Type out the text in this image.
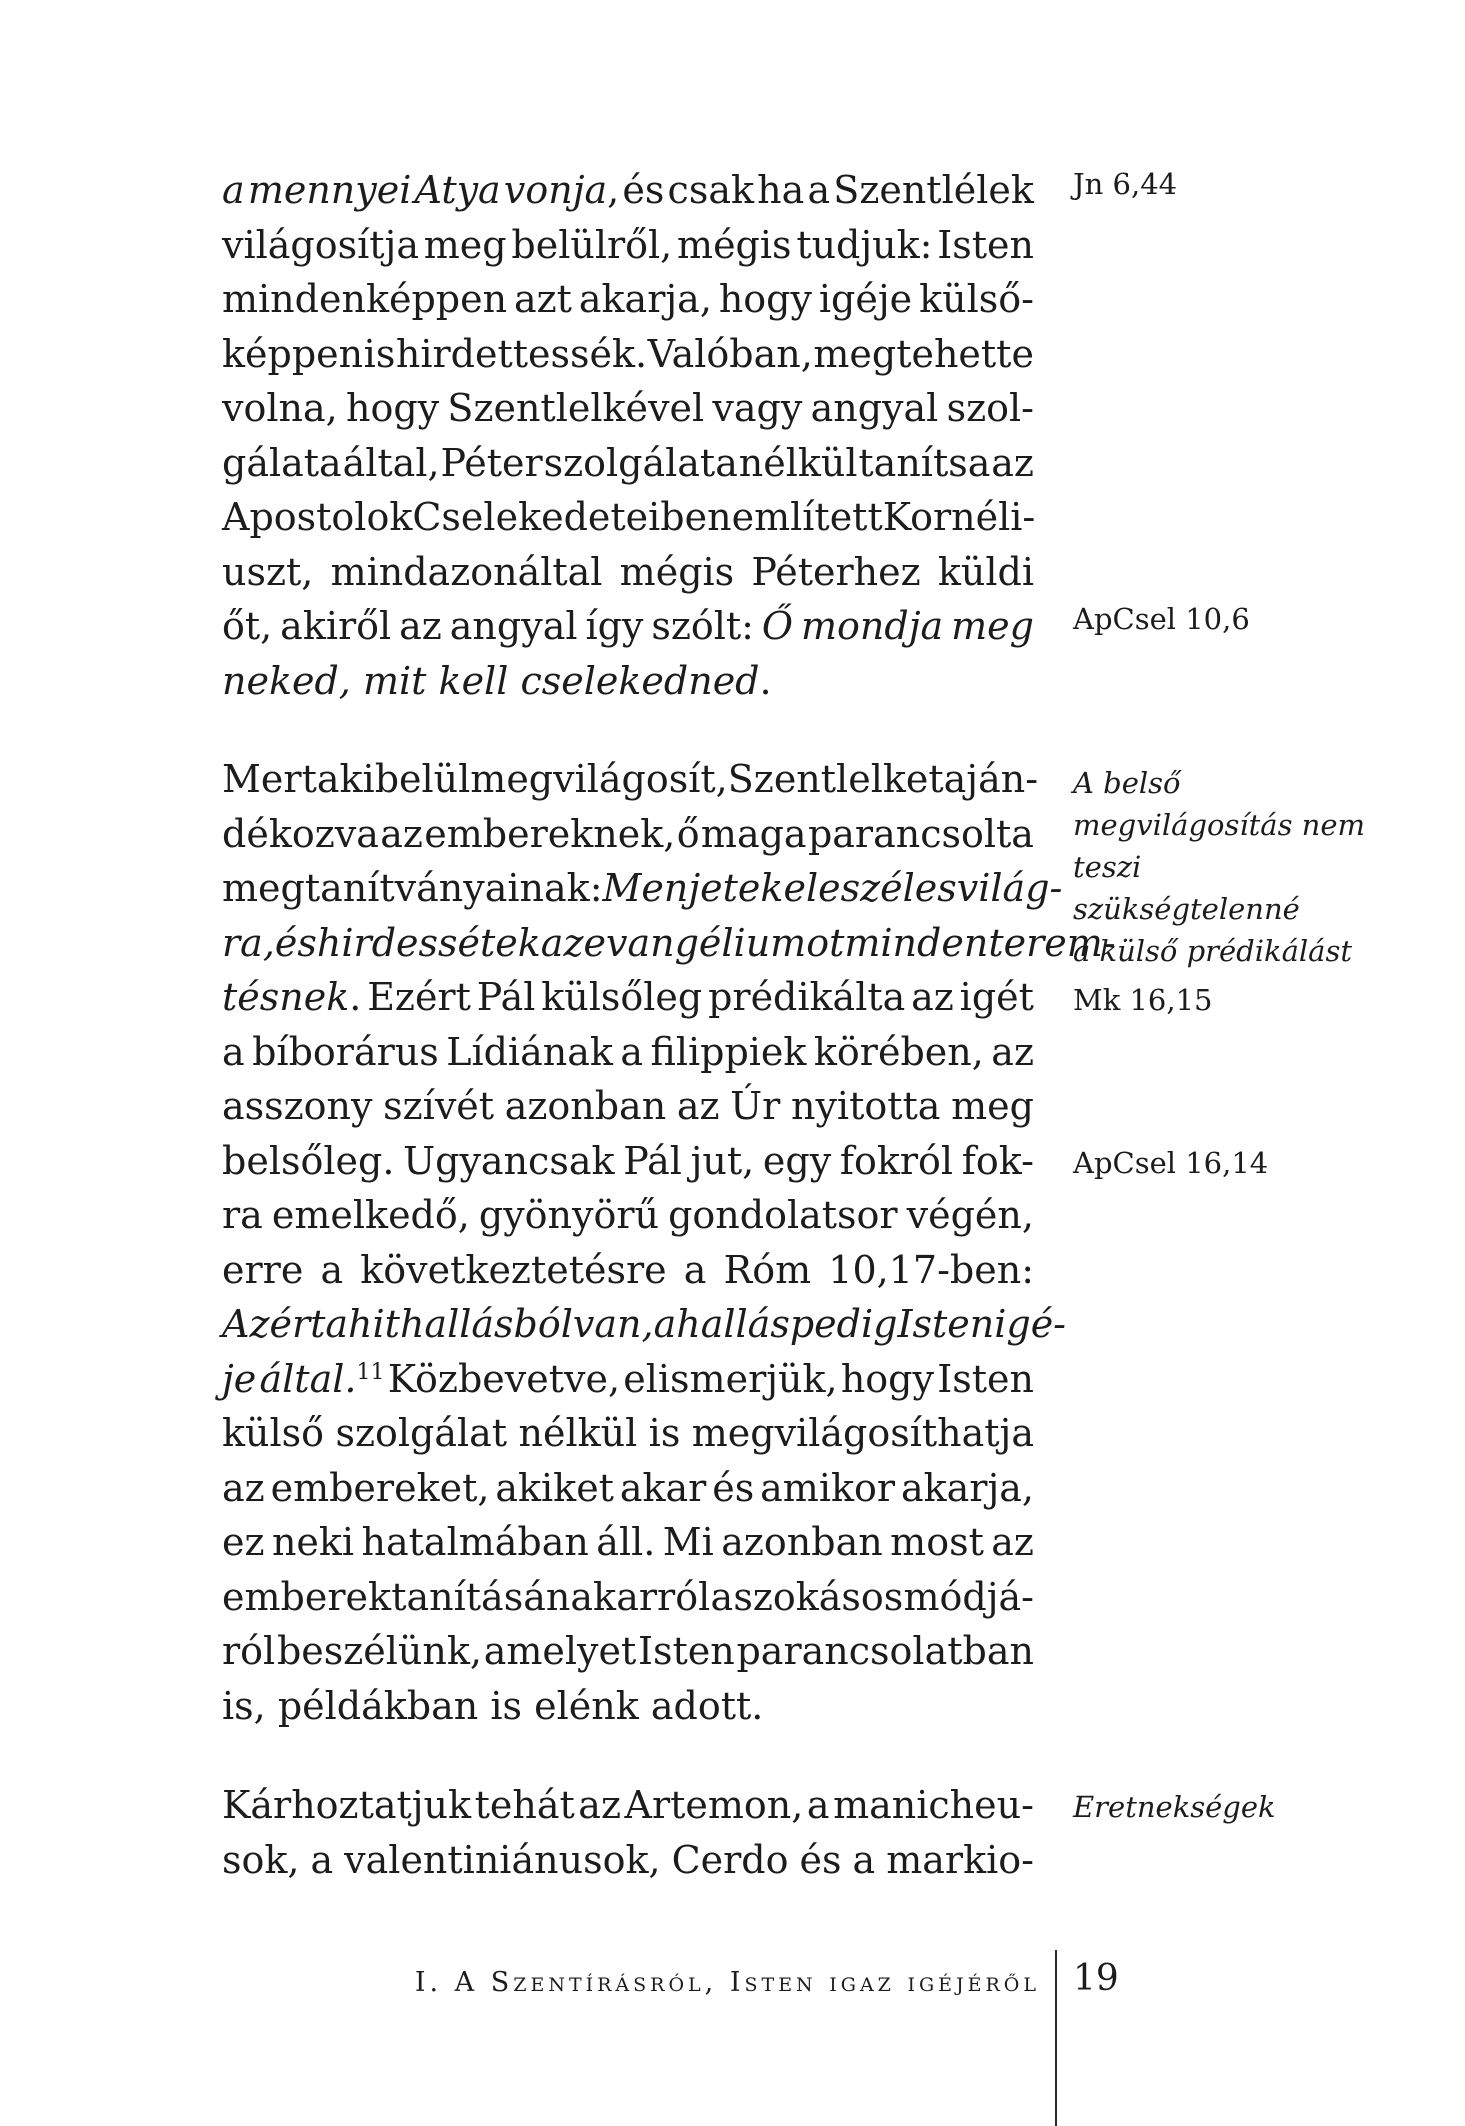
a mennyei Atya vonja, és csak ha a Szentlélek
világosítja meg belülről, mégis tudjuk: Isten
mindenképpen azt akarja, hogy igéje külső-
képpen is hirdettessék. Valóban, megtehette
volna, hogy Szentlelkével vagy angyal szol-
gálata által, Péter szolgálata nélkül tanítsa az
Apostolok Cselekedeteiben említett Kornéli-
uszt, mindazonáltal mégis Péterhez küldi
őt, akiről az angyal így szólt: Ő mondja meg
neked, mit kell cselekedned.
Mert aki belül megvilágosít, Szentlelket aján-
dékozva az embereknek, ő maga parancsolta
meg tanítványainak: Menjetek el e széles világ-
ra, és hirdessétek az evangéliumot minden terem-
tésnek. Ezért Pál külsőleg prédikálta az igét
a bíborárus Lídiának a filippiek körében, az
asszony szívét azonban az Úr nyitotta meg
belsőleg. Ugyancsak Pál jut, egy fokról fok-
ra emelkedő, gyönyörű gondolatsor végén,
erre a következtetésre a Róm 10,17-ben:
Azért a hit hallásból van, a hallás pedig Isten igé-
je által.$^{11}$ Közbevetve, elismerjük, hogy Isten
külső szolgálat nélkül is megvilágosíthatja
az embereket, akiket akar és amikor akarja,
ez neki hatalmában áll. Mi azonban most az
emberek tanításának arról a szokásos módjá-
ról beszélünk, amelyet Isten parancsolatban
is, példákban is elénk adott.
Kárhoztatjuk tehát az Artemon, a manicheu-
sok, a valentiniánusok, Cerdo és a markio-
Jn 6,44
ApCsel 10,6
A belső
megvilágosítás nem
teszi szükségtelenné
a külső prédikálást
Mk 16,15
ApCsel 16,14
Eretnekségek
I. A Szentírásról, Isten igaz igéjéről 19
